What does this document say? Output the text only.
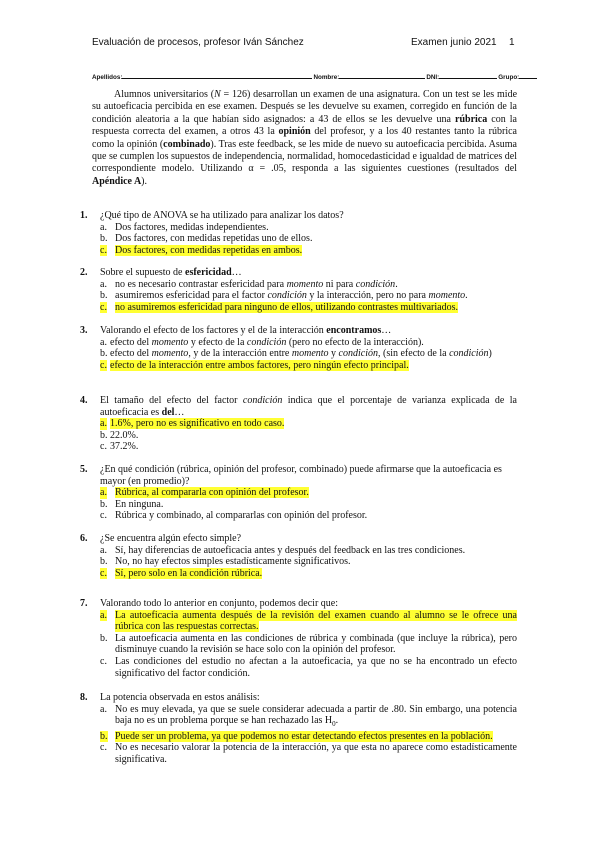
Evaluación de procesos, profesor Iván Sánchez	Examen junio 2021 1
Apellidos:	Nombre:	DNI:	Grupo:
Alumnos universitarios (N = 126) desarrollan un examen de una asignatura. Con un test se les mide su autoeficacia percibida en ese examen. Después se les devuelve su examen, corregido en función de la condición aleatoria a la que habían sido asignados: a 43 de ellos se les devuelve una rúbrica con la respuesta correcta del examen, a otros 43 la opinión del profesor, y a los 40 restantes tanto la rúbrica como la opinión (combinado). Tras este feedback, se les mide de nuevo su autoeficacia percibida. Asuma que se cumplen los supuestos de independencia, normalidad, homocedasticidad e igualdad de matrices del correspondiente modelo. Utilizando α = .05, responda a las siguientes cuestiones (resultados del Apéndice A).
1. ¿Qué tipo de ANOVA se ha utilizado para analizar los datos?
a. Dos factores, medidas independientes.
b. Dos factores, con medidas repetidas uno de ellos.
c. Dos factores, con medidas repetidas en ambos.
2. Sobre el supuesto de esfericidad…
a. no es necesario contrastar esfericidad para momento ni para condición.
b. asumiremos esfericidad para el factor condición y la interacción, pero no para momento.
c. no asumiremos esfericidad para ninguno de ellos, utilizando contrastes multivariados.
3. Valorando el efecto de los factores y el de la interacción encontramos…
a. efecto del momento y efecto de la condición (pero no efecto de la interacción).
b. efecto del momento, y de la interacción entre momento y condición, (sin efecto de la condición)
c. efecto de la interacción entre ambos factores, pero ningún efecto principal.
4. El tamaño del efecto del factor condición indica que el porcentaje de varianza explicada de la autoeficacia es del…
a. 1.6%, pero no es significativo en todo caso.
b. 22.0%.
c. 37.2%.
5. ¿En qué condición (rúbrica, opinión del profesor, combinado) puede afirmarse que la autoeficacia es mayor (en promedio)?
a. Rúbrica, al compararla con opinión del profesor.
b. En ninguna.
c. Rúbrica y combinado, al compararlas con opinión del profesor.
6. ¿Se encuentra algún efecto simple?
a. Sí, hay diferencias de autoeficacia antes y después del feedback en las tres condiciones.
b. No, no hay efectos simples estadísticamente significativos.
c. Sí, pero solo en la condición rúbrica.
7. Valorando todo lo anterior en conjunto, podemos decir que:
a. La autoeficacia aumenta después de la revisión del examen cuando al alumno se le ofrece una rúbrica con las respuestas correctas.
b. La autoeficacia aumenta en las condiciones de rúbrica y combinada (que incluye la rúbrica), pero disminuye cuando la revisión se hace solo con la opinión del profesor.
c. Las condiciones del estudio no afectan a la autoeficacia, ya que no se ha encontrado un efecto significativo del factor condición.
8. La potencia observada en estos análisis:
a. No es muy elevada, ya que se suele considerar adecuada a partir de .80. Sin embargo, una potencia baja no es un problema porque se han rechazado las $H_0$.
b. Puede ser un problema, ya que podemos no estar detectando efectos presentes en la población.
c. No es necesario valorar la potencia de la interacción, ya que esta no aparece como estadísticamente significativa.
